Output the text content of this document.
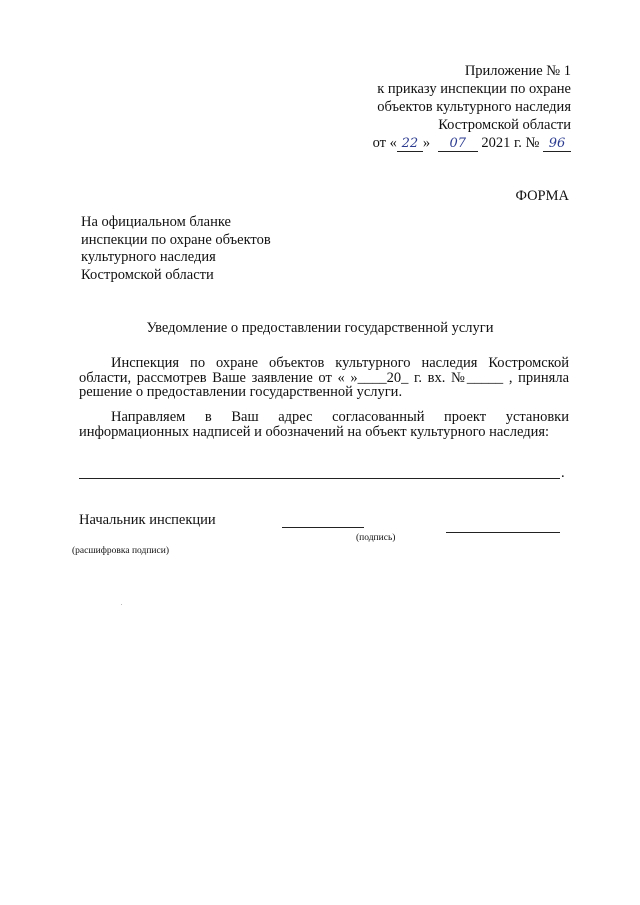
Приложение № 1
к приказу инспекции по охране
объектов культурного наследия
Костромской области
от « 22 » 07 2021 г. № 96
ФОРМА
На официальном бланке
инспекции по охране объектов
культурного наследия
Костромской области
Уведомление о предоставлении государственной услуги
Инспекция по охране объектов культурного наследия Костромской области, рассмотрев Ваше заявление от « »____20_ г. вх. №_____ , приняла решение о предоставлении государственной услуги.
Направляем в Ваш адрес согласованный проект установки информационных надписей и обозначений на объект культурного наследия:
.
Начальник инспекции
(подпись)
(расшифровка подписи)
